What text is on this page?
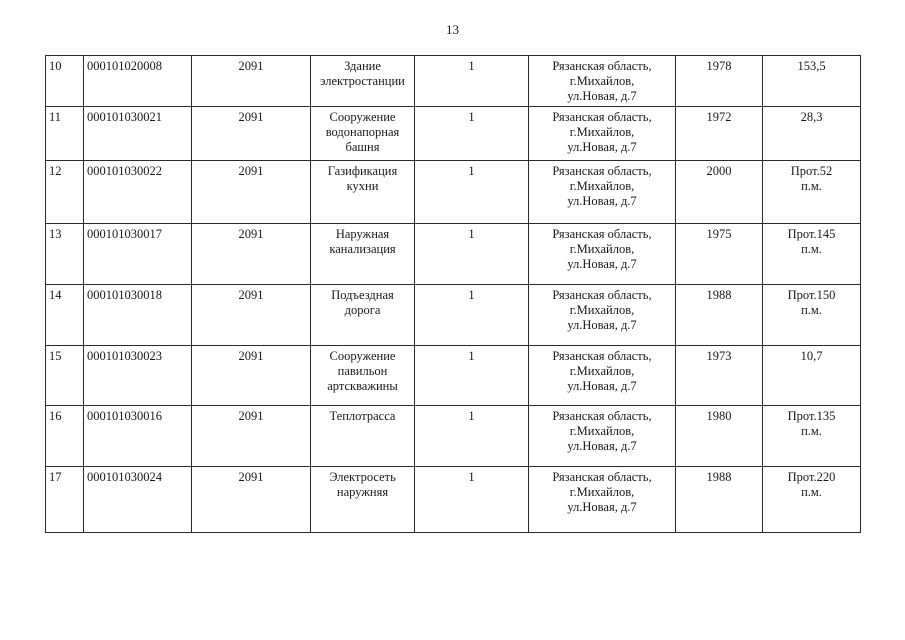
13
10	000101020008	2091	Здание электростанции	1	Рязанская область,
г.Михайлов,
ул.Новая, д.7	1978	153,5

11	000101030021	2091	Сооружение водонапорная башня	1	Рязанская область,
г.Михайлов,
ул.Новая, д.7	1972	28,3

12	000101030022	2091	Газификация кухни	1	Рязанская область,
г.Михайлов,
ул.Новая, д.7	2000	Прот.52
п.м.

13	000101030017	2091	Наружная канализация	1	Рязанская область,
г.Михайлов,
ул.Новая, д.7	1975	Прот.145
п.м.

14	000101030018	2091	Подъездная дорога	1	Рязанская область,
г.Михайлов,
ул.Новая, д.7	1988	Прот.150
п.м.

15	000101030023	2091	Сооружение павильон артскважины	1	Рязанская область,
г.Михайлов,
ул.Новая, д.7	1973	10,7

16	000101030016	2091	Теплотрасса	1	Рязанская область,
г.Михайлов,
ул.Новая, д.7	1980	Прот.135
п.м.

17	000101030024	2091	Электросеть наружняя	1	Рязанская область,
г.Михайлов,
ул.Новая, д.7	1988	Прот.220
п.м.
